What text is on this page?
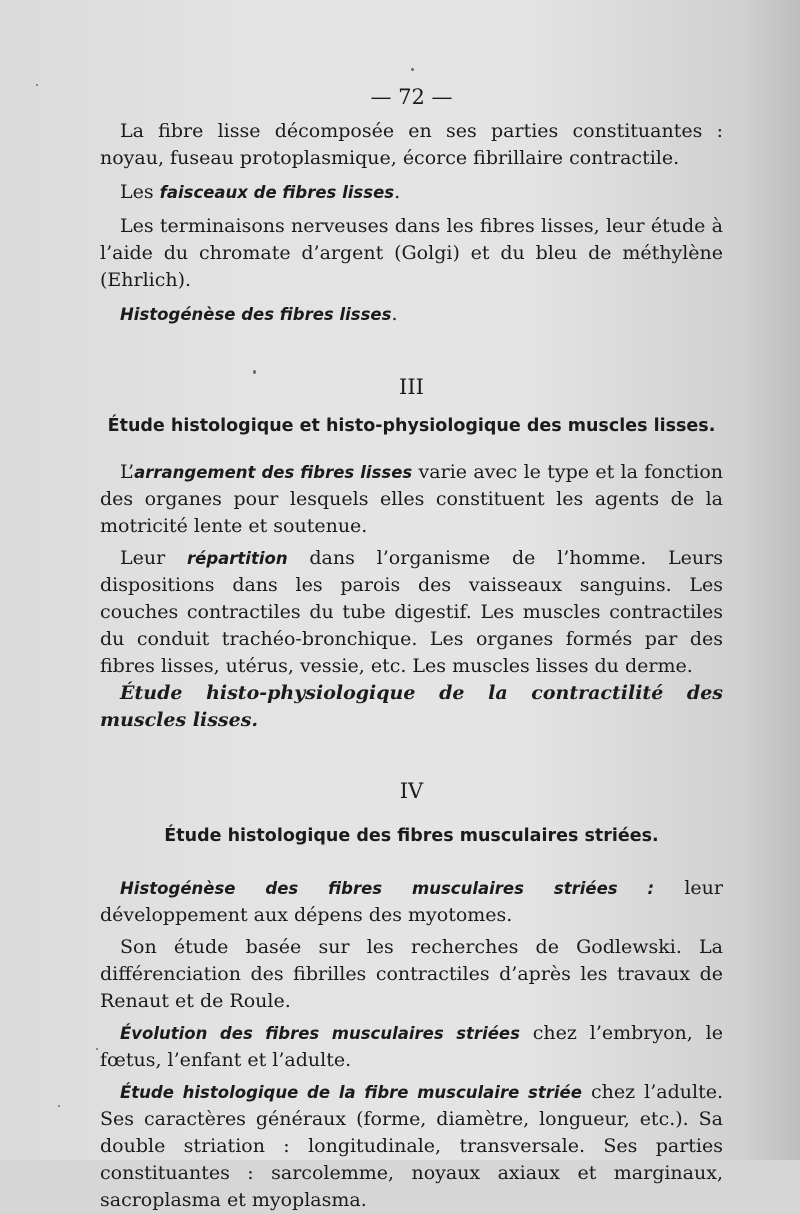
— 72 —

La fibre lisse décomposée en ses parties constituantes : noyau, fuseau protoplasmique, écorce fibrillaire contractile.

Les faisceaux de fibres lisses.

Les terminaisons nerveuses dans les fibres lisses, leur étude à l’aide du chromate d’argent (Golgi) et du bleu de méthylène (Ehrlich).

Histogénèse des fibres lisses.

III
Étude histologique et histo-physiologique des muscles lisses.

L’arrangement des fibres lisses varie avec le type et la fonction des organes pour lesquels elles constituent les agents de la motricité lente et soutenue.

Leur répartition dans l’organisme de l’homme. Leurs dispositions dans les parois des vaisseaux sanguins. Les couches contractiles du tube digestif. Les muscles contractiles du conduit trachéo-bronchique. Les organes formés par des fibres lisses, utérus, vessie, etc. Les muscles lisses du derme.

Étude histo-physiologique de la contractilité des muscles lisses.

IV
Étude histologique des fibres musculaires striées.

Histogénèse des fibres musculaires striées : leur développement aux dépens des myotomes.

Son étude basée sur les recherches de Godlewski. La différenciation des fibrilles contractiles d’après les travaux de Renaut et de Roule.

Évolution des fibres musculaires striées chez l’embryon, le fœtus, l’enfant et l’adulte.

Étude histologique de la fibre musculaire striée chez l’adulte. Ses caractères généraux (forme, diamètre, longueur, etc.). Sa double striation : longitudinale, transversale. Ses parties constituantes : sarcolemme, noyaux axiaux et marginaux, sacroplasma et myoplasma.
